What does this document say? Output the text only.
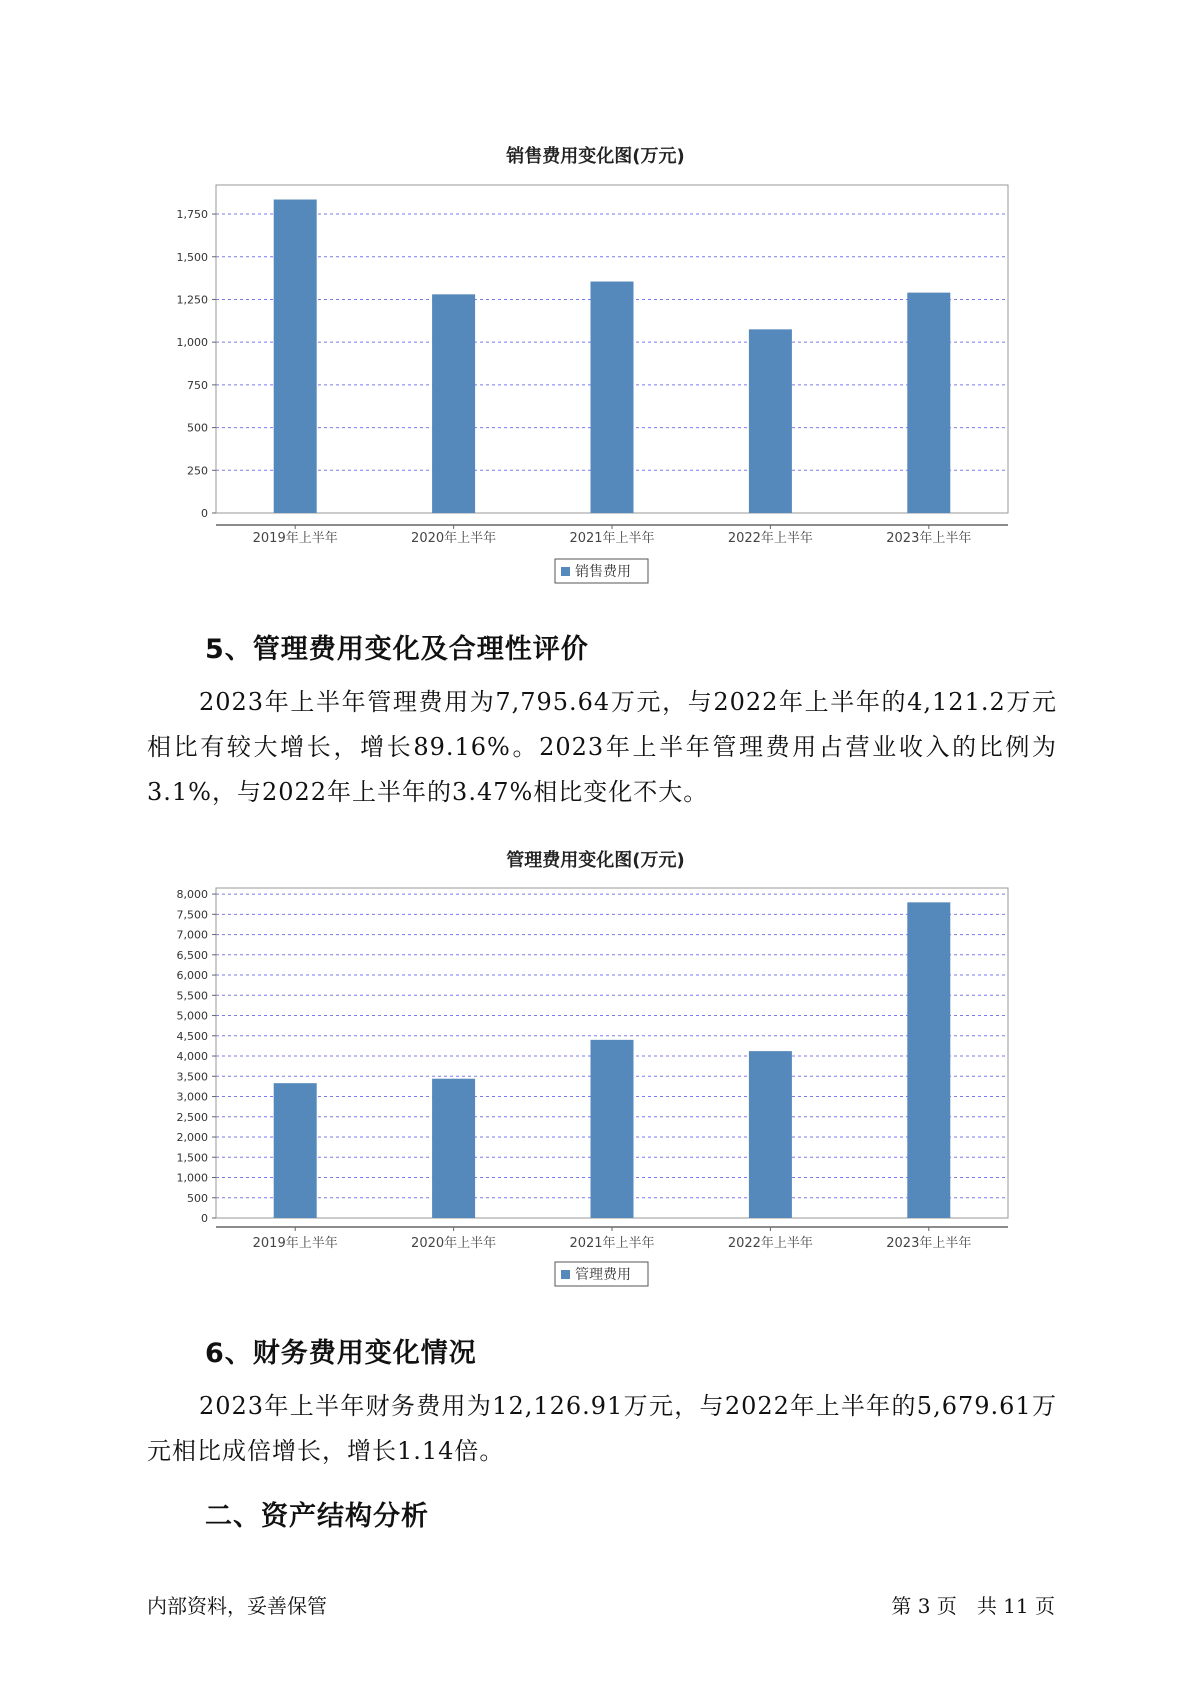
0
250
500
750
1,000
1,250
1,500
1,750
2019年上半年	2020年上半年	2021年上半年	2022年上半年	2023年上半年
销售费用
0
500
1,000
1,500
2,000
2,500
3,000
3,500
4,000
4,500
5,000
5,500
6,000
6,500
7,000
7,500
8,000
2019年上半年	2020年上半年	2021年上半年	2022年上半年	2023年上半年
管理费用
销售费用变化图(万元)
管理费用变化图(万元)
5、管理费用变化及合理性评价
2023年上半年管理费用为7,795.64万元，与2022年上半年的4,121.2万元相比有较大增长，增长89.16%。2023年上半年管理费用占营业收入的比例为3.1%，与2022年上半年的3.47%相比变化不大。
6、财务费用变化情况
2023年上半年财务费用为12,126.91万元，与2022年上半年的5,679.61万元相比成倍增长，增长1.14倍。
二、资产结构分析
内部资料，妥善保管	第 3 页　共 11 页
